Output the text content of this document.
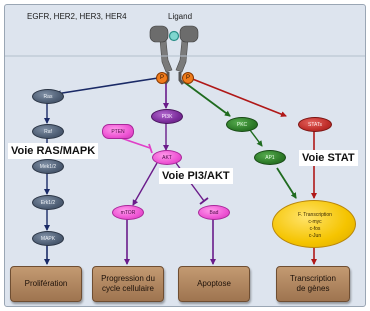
EGFR, HER2, HER3, HER4	Ligand
P	P
Ras
Raf
Mek1/2
Erk1/2
MAPK
Voie RAS/MAPK
PI3K
PTEN
AKT
mTOR	Bad
Voie PI3/AKT
PKC
AP1
STATs
Voie STAT
F. Transcription
c-myc
c-fos
c-Jun
Prolifération
Progression du
cycle cellulaire
Apoptose
Transcription
de gènes
